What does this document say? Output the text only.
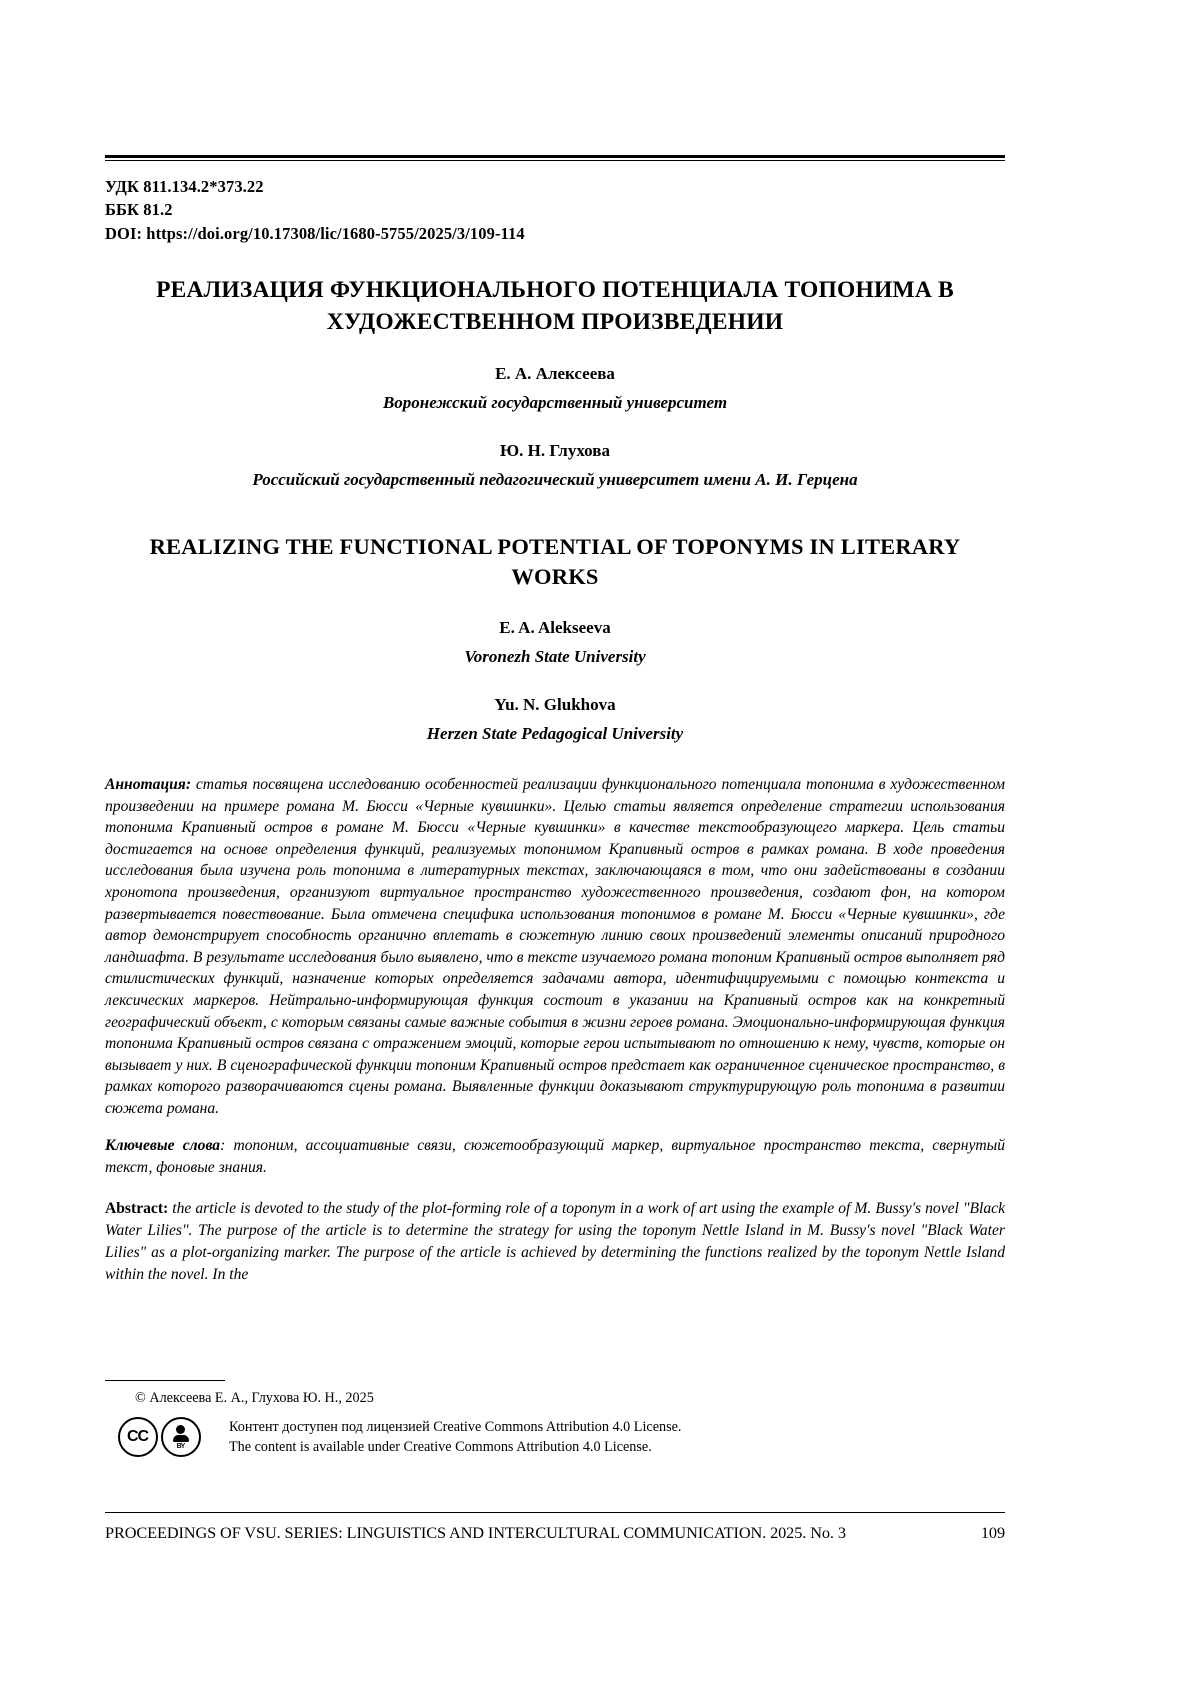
УДК 811.134.2*373.22
ББК 81.2
DOI: https://doi.org/10.17308/lic/1680-5755/2025/3/109-114
РЕАЛИЗАЦИЯ ФУНКЦИОНАЛЬНОГО ПОТЕНЦИАЛА ТОПОНИМА В ХУДОЖЕСТВЕННОМ ПРОИЗВЕДЕНИИ
Е. А. Алексеева
Воронежский государственный университет
Ю. Н. Глухова
Российский государственный педагогический университет имени А. И. Герцена
REALIZING THE FUNCTIONAL POTENTIAL OF TOPONYMS IN LITERARY WORKS
E. A. Alekseeva
Voronezh State University
Yu. N. Glukhova
Herzen State Pedagogical University

Аннотация: статья посвящена исследованию особенностей реализации функционального потенциала топонима в художественном произведении на примере романа М. Бюсси «Черные кувшинки». Целью статьи является определение стратегии использования топонима Крапивный остров в романе М. Бюсси «Черные кувшинки» в качестве текстообразующего маркера. Цель статьи достигается на основе определения функций, реализуемых топонимом Крапивный остров в рамках романа. В ходе проведения исследования была изучена роль топонима в литературных текстах, заключающаяся в том, что они задействованы в создании хронотопа произведения, организуют виртуальное пространство художественного произведения, создают фон, на котором развертывается повествование. Была отмечена специфика использования топонимов в романе М. Бюсси «Черные кувшинки», где автор демонстрирует способность органично вплетать в сюжетную линию своих произведений элементы описаний природного ландшафта. В результате исследования было выявлено, что в тексте изучаемого романа топоним Крапивный остров выполняет ряд стилистических функций, назначение которых определяется задачами автора, идентифицируемыми с помощью контекста и лексических маркеров. Нейтрально-информирующая функция состоит в указании на Крапивный остров как на конкретный географический объект, с которым связаны самые важные события в жизни героев романа. Эмоционально-информирующая функция топонима Крапивный остров связана с отражением эмоций, которые герои испытывают по отношению к нему, чувств, которые он вызывает у них. В сценографической функции топоним Крапивный остров предстает как ограниченное сценическое пространство, в рамках которого разворачиваются сцены романа. Выявленные функции доказывают структурирующую роль топонима в развитии сюжета романа.

Ключевые слова: топоним, ассоциативные связи, сюжетообразующий маркер, виртуальное пространство текста, свернутый текст, фоновые знания.

Abstract: the article is devoted to the study of the plot-forming role of a toponym in a work of art using the example of M. Bussy's novel "Black Water Lilies". The purpose of the article is to determine the strategy for using the toponym Nettle Island in M. Bussy's novel "Black Water Lilies" as a plot-organizing marker. The purpose of the article is achieved by determining the functions realized by the toponym Nettle Island within the novel. In the

© Алексеева Е. А., Глухова Ю. Н., 2025
CC
BY
Контент доступен под лицензией Creative Commons Attribution 4.0 License.
The content is available under Creative Commons Attribution 4.0 License.
PROCEEDINGS OF VSU. SERIES: LINGUISTICS AND INTERCULTURAL COMMUNICATION. 2025. No. 3	109
